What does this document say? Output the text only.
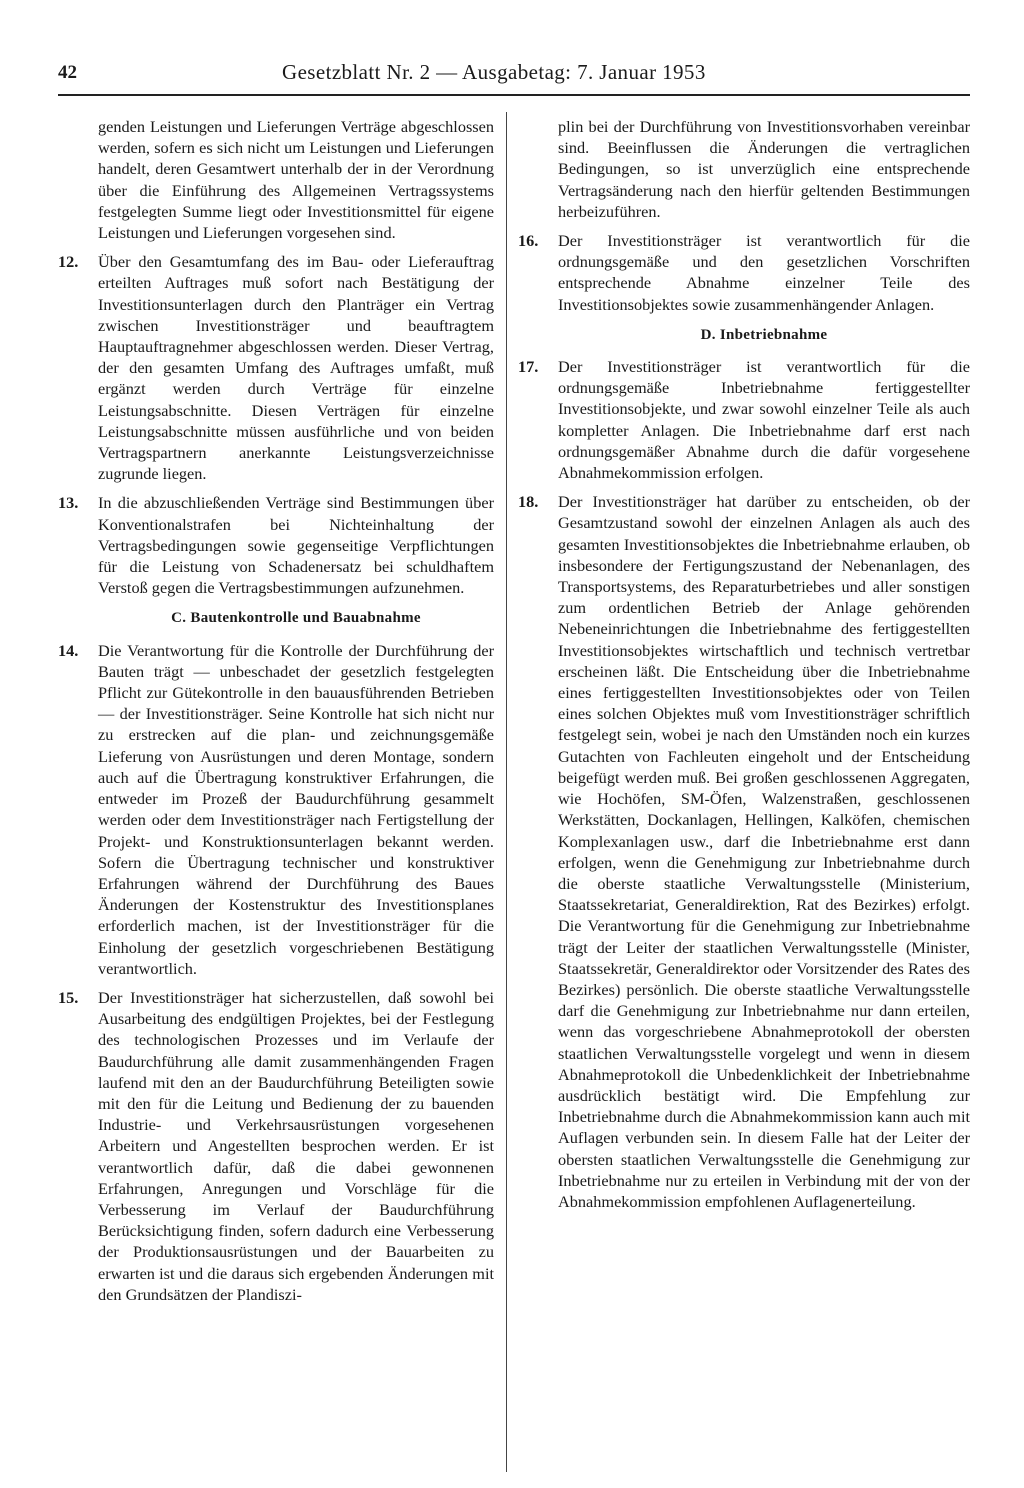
42	Gesetzblatt Nr. 2 — Ausgabetag: 7. Januar 1953
genden Leistungen und Lieferungen Verträge abgeschlossen werden, sofern es sich nicht um Leistungen und Lieferungen handelt, deren Gesamtwert unterhalb der in der Verordnung über die Einführung des Allgemeinen Vertragssystems festgelegten Summe liegt oder Investitionsmittel für eigene Leistungen und Lieferungen vorgesehen sind.
12. Über den Gesamtumfang des im Bau- oder Lieferauftrag erteilten Auftrages muß sofort nach Bestätigung der Investitionsunterlagen durch den Planträger ein Vertrag zwischen Investitionsträger und beauftragtem Hauptauftragnehmer abgeschlossen werden. Dieser Vertrag, der den gesamten Umfang des Auftrages umfaßt, muß ergänzt werden durch Verträge für einzelne Leistungsabschnitte. Diesen Verträgen für einzelne Leistungsabschnitte müssen ausführliche und von beiden Vertragspartnern anerkannte Leistungsverzeichnisse zugrunde liegen.
13. In die abzuschließenden Verträge sind Bestimmungen über Konventionalstrafen bei Nichteinhaltung der Vertragsbedingungen sowie gegenseitige Verpflichtungen für die Leistung von Schadenersatz bei schuldhaftem Verstoß gegen die Vertragsbestimmungen aufzunehmen.
C. Bautenkontrolle und Bauabnahme
14. Die Verantwortung für die Kontrolle der Durchführung der Bauten trägt — unbeschadet der gesetzlich festgelegten Pflicht zur Gütekontrolle in den bauausführenden Betrieben — der Investitionsträger. Seine Kontrolle hat sich nicht nur zu erstrecken auf die plan- und zeichnungsgemäße Lieferung von Ausrüstungen und deren Montage, sondern auch auf die Übertragung konstruktiver Erfahrungen, die entweder im Prozeß der Baudurchführung gesammelt werden oder dem Investitionsträger nach Fertigstellung der Projekt- und Konstruktionsunterlagen bekannt werden. Sofern die Übertragung technischer und konstruktiver Erfahrungen während der Durchführung des Baues Änderungen der Kostenstruktur des Investitionsplanes erforderlich machen, ist der Investitionsträger für die Einholung der gesetzlich vorgeschriebenen Bestätigung verantwortlich.
15. Der Investitionsträger hat sicherzustellen, daß sowohl bei Ausarbeitung des endgültigen Projektes, bei der Festlegung des technologischen Prozesses und im Verlaufe der Baudurchführung alle damit zusammenhängenden Fragen laufend mit den an der Baudurchführung Beteiligten sowie mit den für die Leitung und Bedienung der zu bauenden Industrie- und Verkehrsausrüstungen vorgesehenen Arbeitern und Angestellten besprochen werden. Er ist verantwortlich dafür, daß die dabei gewonnenen Erfahrungen, Anregungen und Vorschläge für die Verbesserung im Verlauf der Baudurchführung Berücksichtigung finden, sofern dadurch eine Verbesserung der Produktionsausrüstungen und der Bauarbeiten zu erwarten ist und die daraus sich ergebenden Änderungen mit den Grundsätzen der Plandiszi-
plin bei der Durchführung von Investitionsvorhaben vereinbar sind. Beeinflussen die Änderungen die vertraglichen Bedingungen, so ist unverzüglich eine entsprechende Vertragsänderung nach den hierfür geltenden Bestimmungen herbeizuführen.
16. Der Investitionsträger ist verantwortlich für die ordnungsgemäße und den gesetzlichen Vorschriften entsprechende Abnahme einzelner Teile des Investitionsobjektes sowie zusammenhängender Anlagen.
D. Inbetriebnahme
17. Der Investitionsträger ist verantwortlich für die ordnungsgemäße Inbetriebnahme fertiggestellter Investitionsobjekte, und zwar sowohl einzelner Teile als auch kompletter Anlagen. Die Inbetriebnahme darf erst nach ordnungsgemäßer Abnahme durch die dafür vorgesehene Abnahmekommission erfolgen.
18. Der Investitionsträger hat darüber zu entscheiden, ob der Gesamtzustand sowohl der einzelnen Anlagen als auch des gesamten Investitionsobjektes die Inbetriebnahme erlauben, ob insbesondere der Fertigungszustand der Nebenanlagen, des Transportsystems, des Reparaturbetriebes und aller sonstigen zum ordentlichen Betrieb der Anlage gehörenden Nebeneinrichtungen die Inbetriebnahme des fertiggestellten Investitionsobjektes wirtschaftlich und technisch vertretbar erscheinen läßt. Die Entscheidung über die Inbetriebnahme eines fertiggestellten Investitionsobjektes oder von Teilen eines solchen Objektes muß vom Investitionsträger schriftlich festgelegt sein, wobei je nach den Umständen noch ein kurzes Gutachten von Fachleuten eingeholt und der Entscheidung beigefügt werden muß. Bei großen geschlossenen Aggregaten, wie Hochöfen, SM-Öfen, Walzenstraßen, geschlossenen Werkstätten, Dockanlagen, Hellingen, Kalköfen, chemischen Komplexanlagen usw., darf die Inbetriebnahme erst dann erfolgen, wenn die Genehmigung zur Inbetriebnahme durch die oberste staatliche Verwaltungsstelle (Ministerium, Staatssekretariat, Generaldirektion, Rat des Bezirkes) erfolgt. Die Verantwortung für die Genehmigung zur Inbetriebnahme trägt der Leiter der staatlichen Verwaltungsstelle (Minister, Staatssekretär, Generaldirektor oder Vorsitzender des Rates des Bezirkes) persönlich. Die oberste staatliche Verwaltungsstelle darf die Genehmigung zur Inbetriebnahme nur dann erteilen, wenn das vorgeschriebene Abnahmeprotokoll der obersten staatlichen Verwaltungsstelle vorgelegt und wenn in diesem Abnahmeprotokoll die Unbedenklichkeit der Inbetriebnahme ausdrücklich bestätigt wird. Die Empfehlung zur Inbetriebnahme durch die Abnahmekommission kann auch mit Auflagen verbunden sein. In diesem Falle hat der Leiter der obersten staatlichen Verwaltungsstelle die Genehmigung zur Inbetriebnahme nur zu erteilen in Verbindung mit der von der Abnahmekommission empfohlenen Auflagenerteilung.
